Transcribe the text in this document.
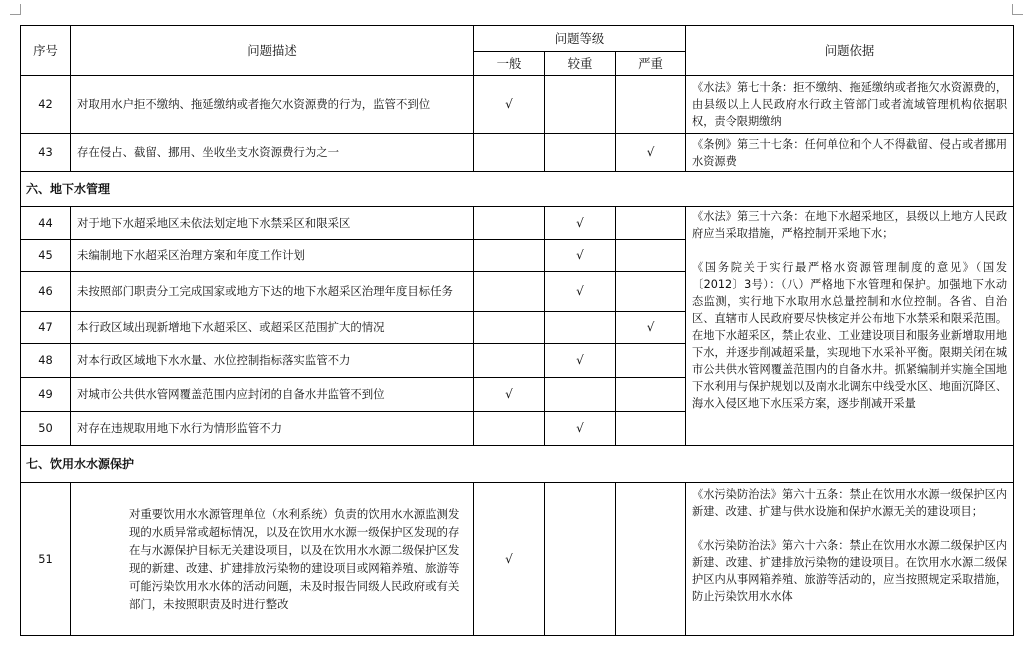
序号	问题描述	问题等级			问题依据
		一般	较重	严重	
42	对取用水户拒不缴纳、拖延缴纳或者拖欠水资源费的行为，监管不到位	√			《水法》第七十条：拒不缴纳、拖延缴纳或者拖欠水资源费的，由县级以上人民政府水行政主管部门或者流域管理机构依据职权，责令限期缴纳
43	存在侵占、截留、挪用、坐收坐支水资源费行为之一			√	《条例》第三十七条：任何单位和个人不得截留、侵占或者挪用水资源费
六、地下水管理					
44	对于地下水超采地区未依法划定地下水禁采区和限采区		√		《水法》第三十六条：在地下水超采地区，县级以上地方人民政府应当采取措施，严格控制开采地下水；
《国务院关于实行最严格水资源管理制度的意见》（国发〔2012〕3号）：（八）严格地下水管理和保护。加强地下水动态监测，实行地下水取用水总量控制和水位控制。各省、自治区、直辖市人民政府要尽快核定并公布地下水禁采和限采范围。在地下水超采区，禁止农业、工业建设项目和服务业新增取用地下水，并逐步削减超采量，实现地下水采补平衡。限期关闭在城市公共供水管网覆盖范围内的自备水井。抓紧编制并实施全国地下水利用与保护规划以及南水北调东中线受水区、地面沉降区、海水入侵区地下水压采方案，逐步削减开采量
45	未编制地下水超采区治理方案和年度工作计划		√		
46	未按照部门职责分工完成国家或地方下达的地下水超采区治理年度目标任务		√		
47	本行政区域出现新增地下水超采区、或超采区范围扩大的情况			√	
48	对本行政区域地下水水量、水位控制指标落实监管不力		√		
49	对城市公共供水管网覆盖范围内应封闭的自备水井监管不到位	√			
50	对存在违规取用地下水行为情形监管不力		√		
七、饮用水水源保护					
51	对重要饮用水水源管理单位（水利系统）负责的饮用水水源监测发现的水质异常或超标情况，以及在饮用水水源一级保护区发现的存在与水源保护目标无关建设项目，以及在饮用水水源二级保护区发现的新建、改建、扩建排放污染物的建设项目或网箱养殖、旅游等可能污染饮用水水体的活动问题，未及时报告同级人民政府或有关部门，未按照职责及时进行整改	√			《水污染防治法》第六十五条：禁止在饮用水水源一级保护区内新建、改建、扩建与供水设施和保护水源无关的建设项目；
《水污染防治法》第六十六条：禁止在饮用水水源二级保护区内新建、改建、扩建排放污染物的建设项目。在饮用水水源二级保护区内从事网箱养殖、旅游等活动的，应当按照规定采取措施，防止污染饮用水水体
